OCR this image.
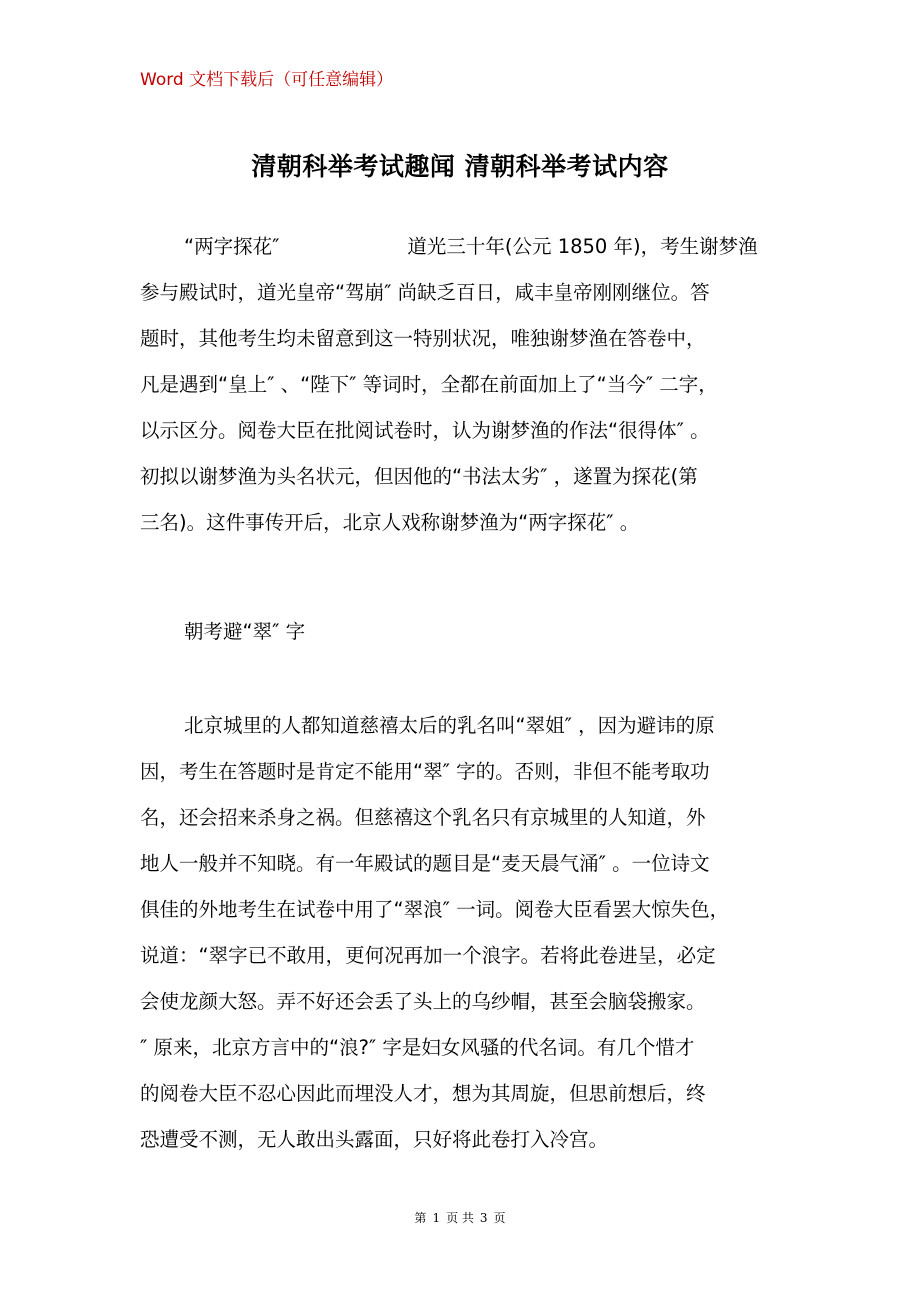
Word 文档下载后（可任意编辑）
清朝科举考试趣闻 清朝科举考试内容
“两字探花″	道光三十年(公元 1850 年)，考生谢梦渔
参与殿试时，道光皇帝“驾崩″ 尚缺乏百日，咸丰皇帝刚刚继位。答
题时，其他考生均未留意到这一特别状况，唯独谢梦渔在答卷中，
凡是遇到“皇上″ 、“陛下″ 等词时，全都在前面加上了“当今″ 二字，
以示区分。阅卷大臣在批阅试卷时，认为谢梦渔的作法“很得体″ 。
初拟以谢梦渔为头名状元，但因他的“书法太劣″ ，遂置为探花(第
三名)。这件事传开后，北京人戏称谢梦渔为“两字探花″ 。
朝考避“翠″ 字
北京城里的人都知道慈禧太后的乳名叫“翠姐″ ，因为避讳的原
因，考生在答题时是肯定不能用“翠″ 字的。否则，非但不能考取功
名，还会招来杀身之祸。但慈禧这个乳名只有京城里的人知道，外
地人一般并不知晓。有一年殿试的题目是“麦天晨气涌″ 。一位诗文
俱佳的外地考生在试卷中用了“翠浪″ 一词。阅卷大臣看罢大惊失色，
说道：“翠字已不敢用，更何况再加一个浪字。若将此卷进呈，必定
会使龙颜大怒。弄不好还会丢了头上的乌纱帽，甚至会脑袋搬家。
″ 原来，北京方言中的“浪?″ 字是妇女风骚的代名词。有几个惜才
的阅卷大臣不忍心因此而埋没人才，想为其周旋，但思前想后，终
恐遭受不测，无人敢出头露面，只好将此卷打入冷宫。
第 1 页 共 3 页
